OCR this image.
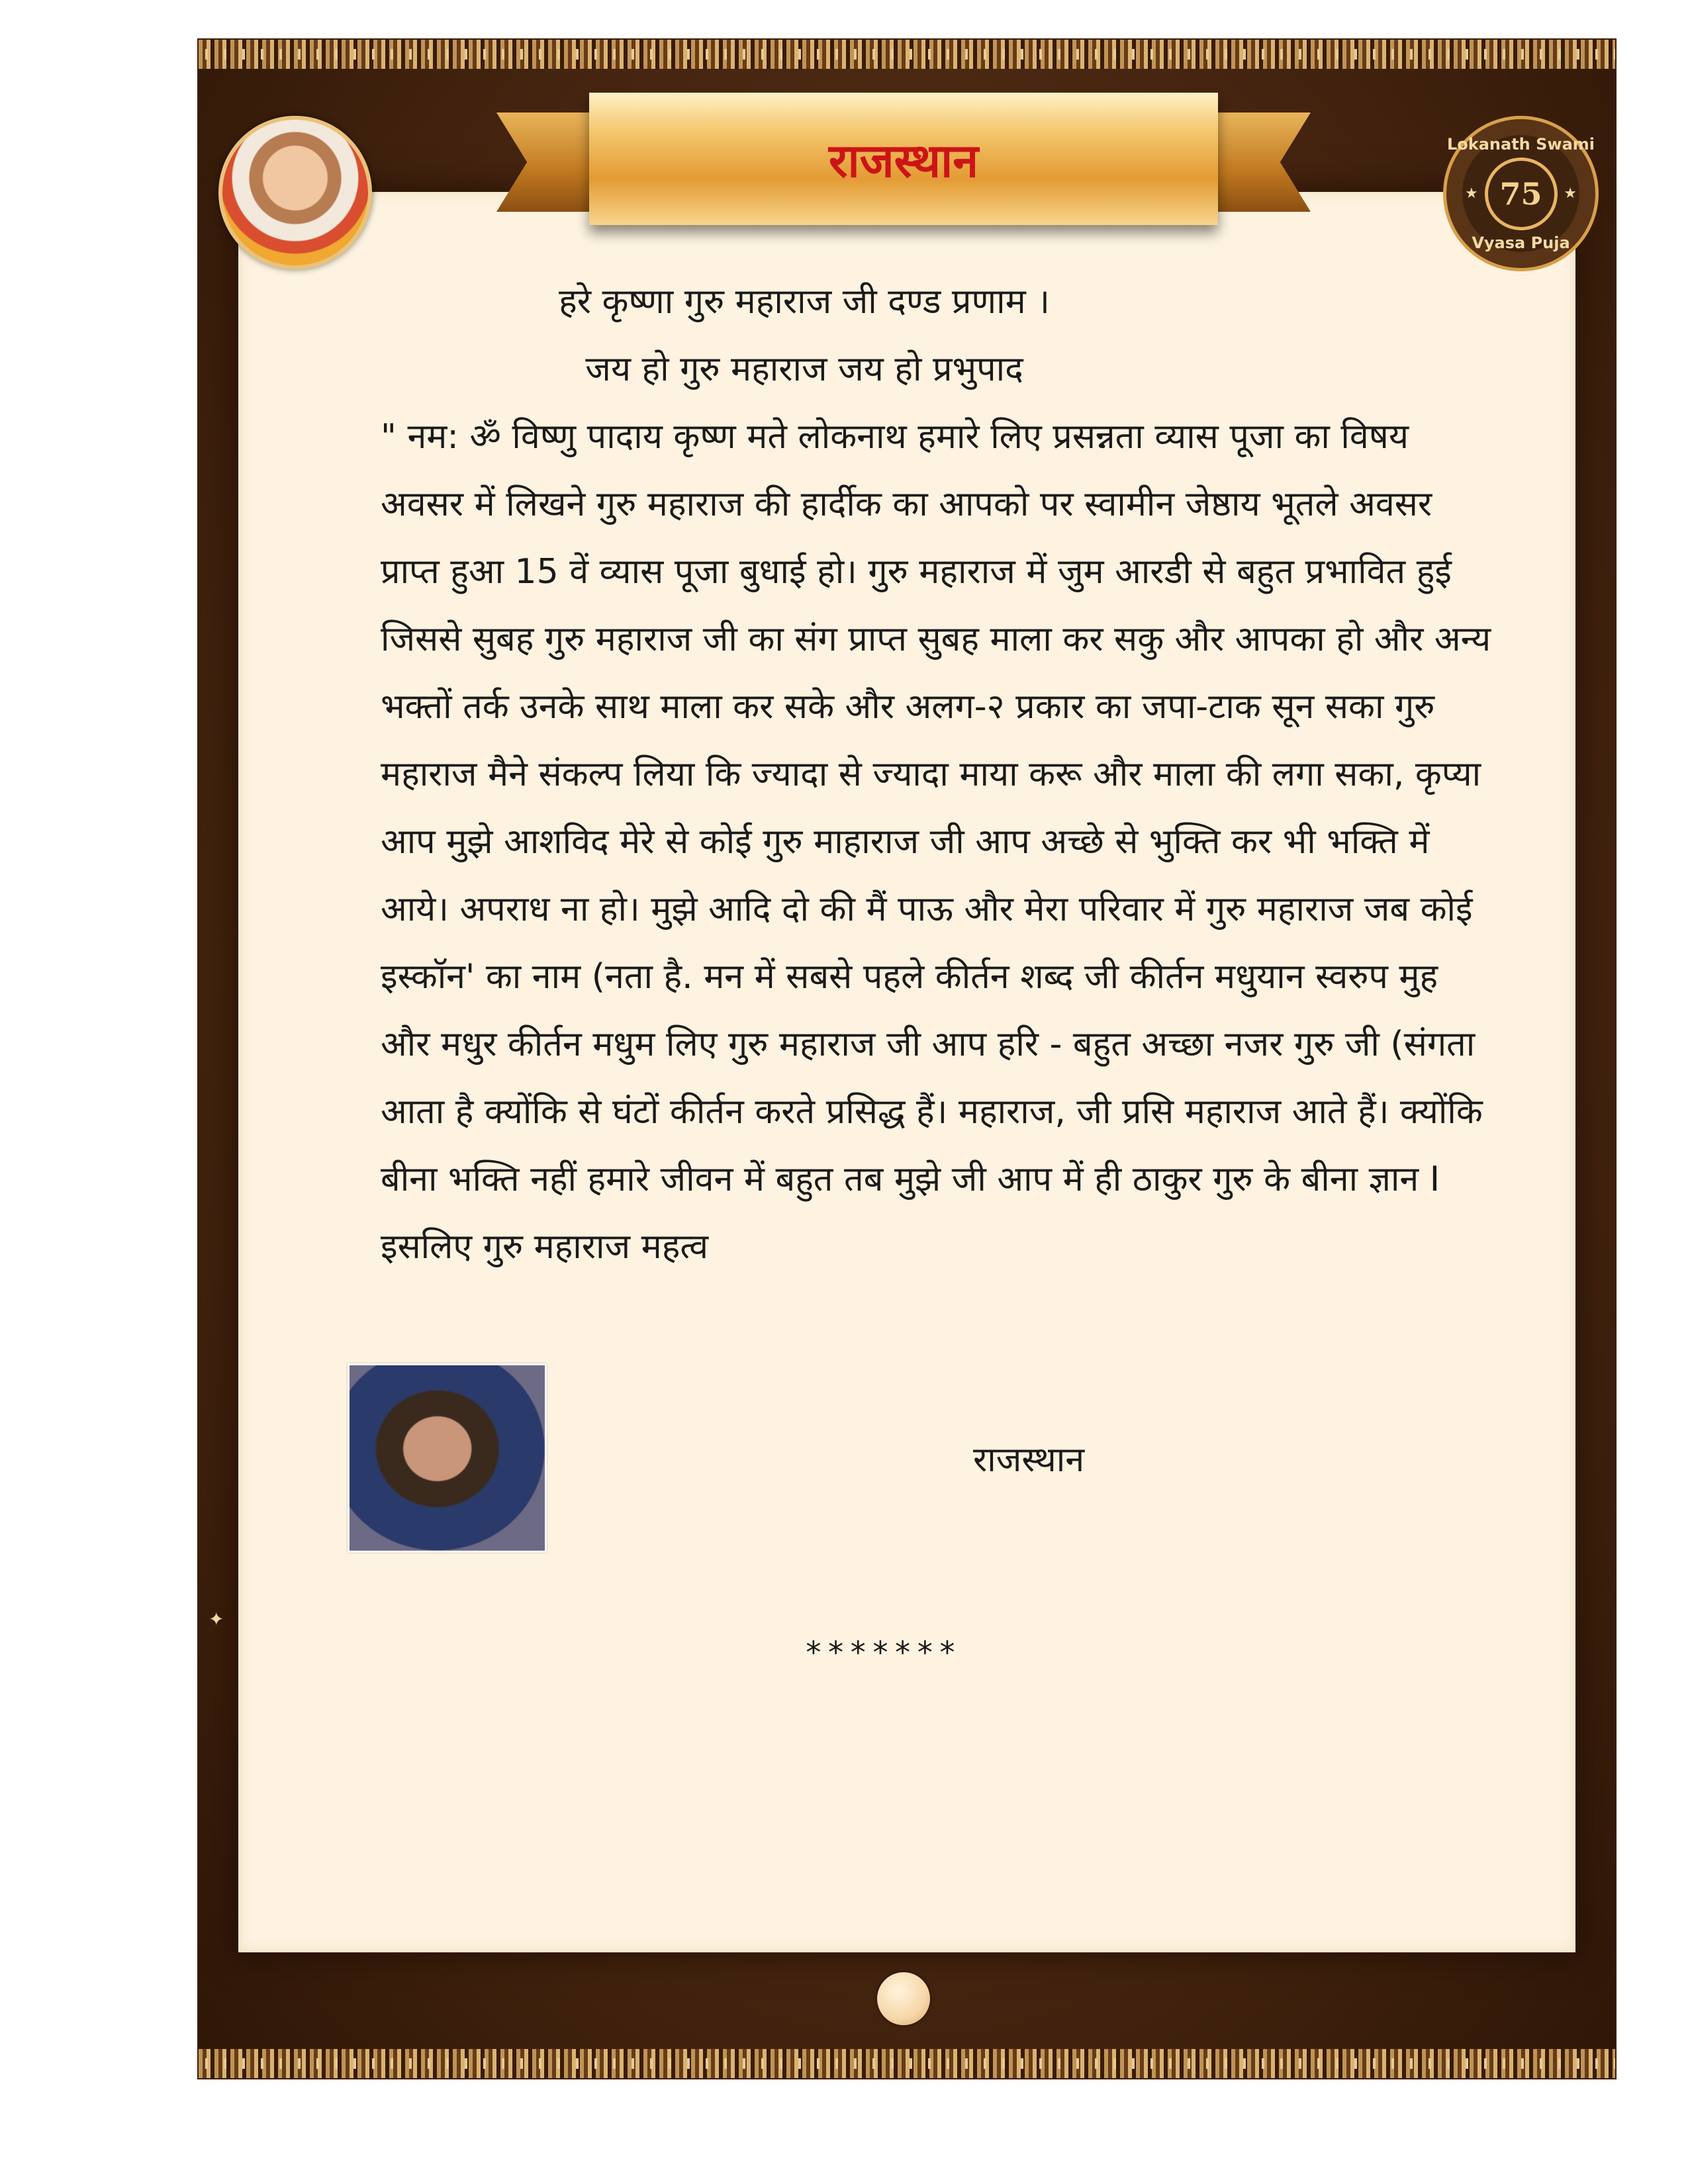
राजस्थान	Lokanath Swami
★ 75	★
Vyasa Puja
हरे कृष्णा गुरु महाराज जी दण्ड प्रणाम ।
जय हो गुरु महाराज जय हो प्रभुपाद

" नम: ॐ विष्णु पादाय कृष्ण मते लोकनाथ हमारे लिए प्रसन्नता व्यास पूजा का विषय अवसर में लिखने गुरु महाराज की हार्दीक का आपको पर स्वामीन जेष्ठाय भूतले अवसर प्राप्त हुआ 15 वें व्यास पूजा बुधाई हो। गुरु महाराज में जुम आरडी से बहुत प्रभावित हुई जिससे सुबह गुरु महाराज जी का संग प्राप्त सुबह माला कर सकु और आपका हो और अन्य भक्तों तर्क उनके साथ माला कर सके और अलग-२ प्रकार का जपा-टाक सून सका गुरु महाराज मैने संकल्प लिया कि ज्यादा से ज्यादा माया करू और माला की लगा सका, कृप्या आप मुझे आशविद मेरे से कोई गुरु माहाराज जी आप अच्छे से भुक्ति कर भी भक्ति में आये। अपराध ना हो। मुझे आदि दो की मैं पाऊ और मेरा परिवार में गुरु महाराज जब कोई इस्कॉन' का नाम (नता है. मन में सबसे पहले कीर्तन शब्द जी कीर्तन मधुयान स्वरुप मुह और मधुर कीर्तन मधुम लिए गुरु महाराज जी आप हरि - बहुत अच्छा नजर गुरु जी (संगता आता है क्योंकि से घंटों कीर्तन करते प्रसिद्ध हैं। महाराज, जी प्रसि महाराज आते हैं। क्योंकि बीना भक्ति नहीं हमारे जीवन में बहुत तब मुझे जी आप में ही ठाकुर गुरु के बीना ज्ञान I इसलिए गुरु महाराज महत्व

राजस्थान
*******
✦
